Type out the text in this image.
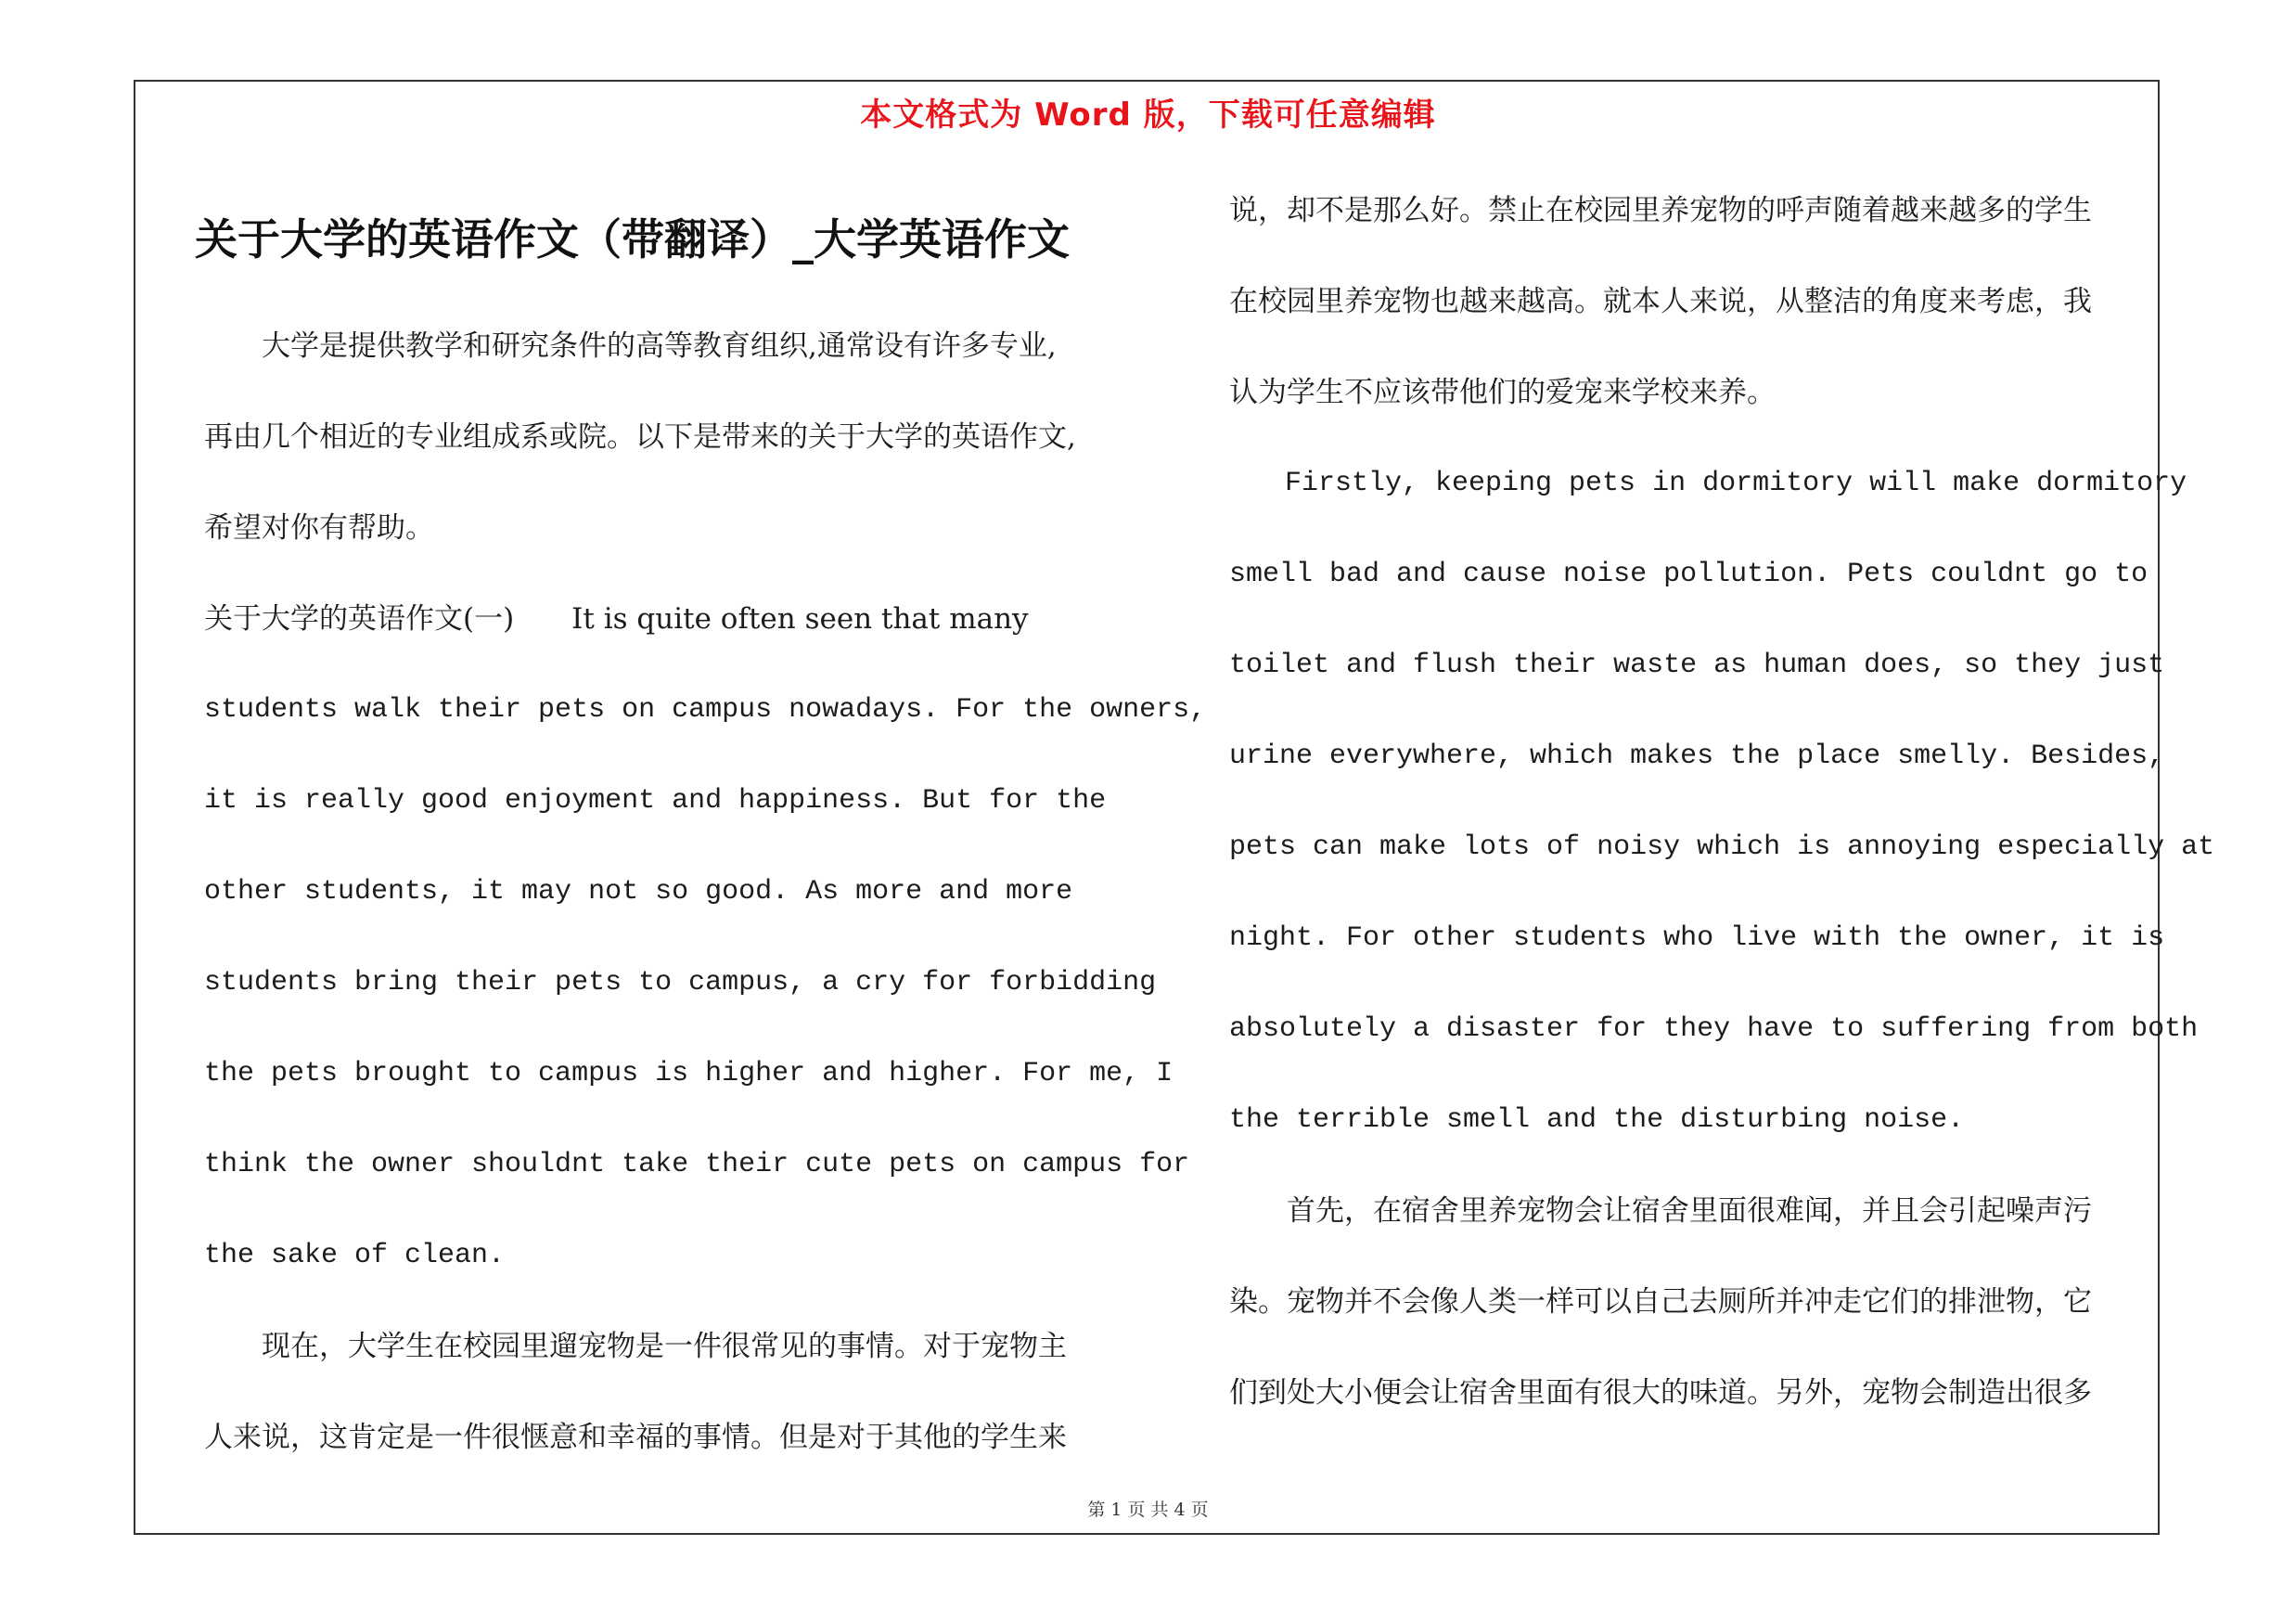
本文格式为 Word 版，下载可任意编辑
关于大学的英语作文（带翻译）_大学英语作文
　　大学是提供教学和研究条件的高等教育组织,通常设有许多专业,
再由几个相近的专业组成系或院。以下是带来的关于大学的英语作文,
希望对你有帮助。
关于大学的英语作文(一)　　It is quite often seen that many
students walk their pets on campus nowadays. For the owners,
it is really good enjoyment and happiness. But for the
other students, it may not so good. As more and more
students bring their pets to campus, a cry for forbidding
the pets brought to campus is higher and higher. For me, I
think the owner shouldnt take their cute pets on campus for
the sake of clean.
　　现在，大学生在校园里遛宠物是一件很常见的事情。对于宠物主
人来说，这肯定是一件很惬意和幸福的事情。但是对于其他的学生来
说，却不是那么好。禁止在校园里养宠物的呼声随着越来越多的学生
在校园里养宠物也越来越高。就本人来说，从整洁的角度来考虑，我
认为学生不应该带他们的爱宠来学校来养。
　　Firstly, keeping pets in dormitory will make dormitory
smell bad and cause noise pollution. Pets couldnt go to
toilet and flush their waste as human does, so they just
urine everywhere, which makes the place smelly. Besides,
pets can make lots of noisy which is annoying especially at
night. For other students who live with the owner, it is
absolutely a disaster for they have to suffering from both
the terrible smell and the disturbing noise.
　　首先，在宿舍里养宠物会让宿舍里面很难闻，并且会引起噪声污
染。宠物并不会像人类一样可以自己去厕所并冲走它们的排泄物，它
们到处大小便会让宿舍里面有很大的味道。另外，宠物会制造出很多
第 1 页 共 4 页
